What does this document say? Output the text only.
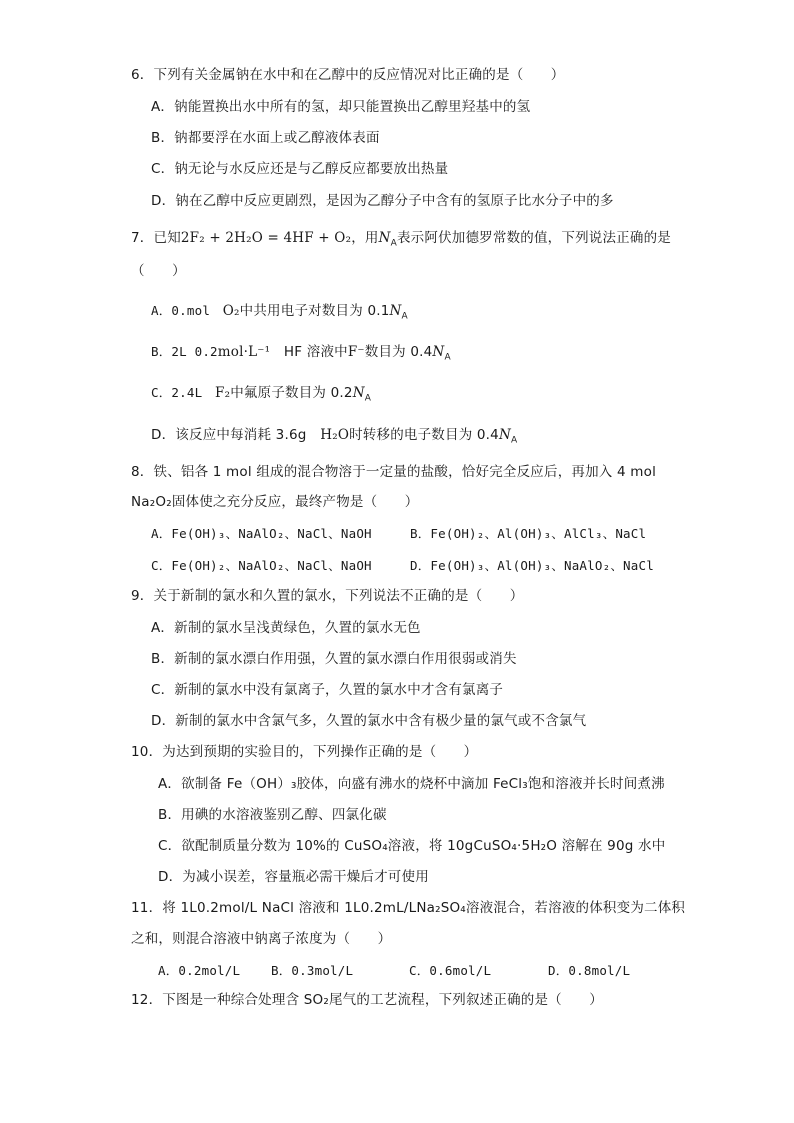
6．下列有关金属钠在水中和在乙醇中的反应情况对比正确的是（　　）
A．钠能置换出水中所有的氢，却只能置换出乙醇里羟基中的氢
B．钠都要浮在水面上或乙醇液体表面
C．钠无论与水反应还是与乙醇反应都要放出热量
D．钠在乙醇中反应更剧烈，是因为乙醇分子中含有的氢原子比水分子中的多
7．已知2F₂ + 2H₂O = 4HF + O₂，用$N_A$表示阿伏加德罗常数的值，下列说法正确的是
（　　）
A．0.mol　O₂中共用电子对数目为 $0.1N_A$
B．2L 0.2mol·L⁻¹　HF 溶液中F⁻数目为 $0.4N_A$
C．2.4L　F₂中氟原子数目为 $0.2N_A$
D．该反应中每消耗 3.6g　H₂O时转移的电子数目为 $0.4N_A$
8．铁、铝各 1 mol 组成的混合物溶于一定量的盐酸，恰好完全反应后，再加入 4 mol
Na₂O₂固体使之充分反应，最终产物是（　　）
A．Fe(OH)₃、NaAlO₂、NaCl、NaOH	B．Fe(OH)₂、Al(OH)₃、AlCl₃、NaCl
C．Fe(OH)₂、NaAlO₂、NaCl、NaOH	D．Fe(OH)₃、Al(OH)₃、NaAlO₂、NaCl
9．关于新制的氯水和久置的氯水，下列说法不正确的是（　　）
A．新制的氯水呈浅黄绿色，久置的氯水无色
B．新制的氯水漂白作用强，久置的氯水漂白作用很弱或消失
C．新制的氯水中没有氯离子，久置的氯水中才含有氯离子
D．新制的氯水中含氯气多，久置的氯水中含有极少量的氯气或不含氯气
10．为达到预期的实验目的，下列操作正确的是（　　）
A．欲制备 Fe（OH）₃胶体，向盛有沸水的烧杯中滴加 FeCl₃饱和溶液并长时间煮沸
B．用碘的水溶液鉴别乙醇、四氯化碳
C．欲配制质量分数为 10%的 CuSO₄溶液，将 10gCuSO₄·5H₂O 溶解在 90g 水中
D．为减小误差，容量瓶必需干燥后才可使用
11．将 1L0.2mol/L NaCl 溶液和 1L0.2mL/LNa₂SO₄溶液混合，若溶液的体积变为二体积
之和，则混合溶液中钠离子浓度为（　　）
A．0.2mol/L B．0.3mol/L	C．0.6mol/L	D．0.8mol/L
12．下图是一种综合处理含 SO₂尾气的工艺流程，下列叙述正确的是（　　）
